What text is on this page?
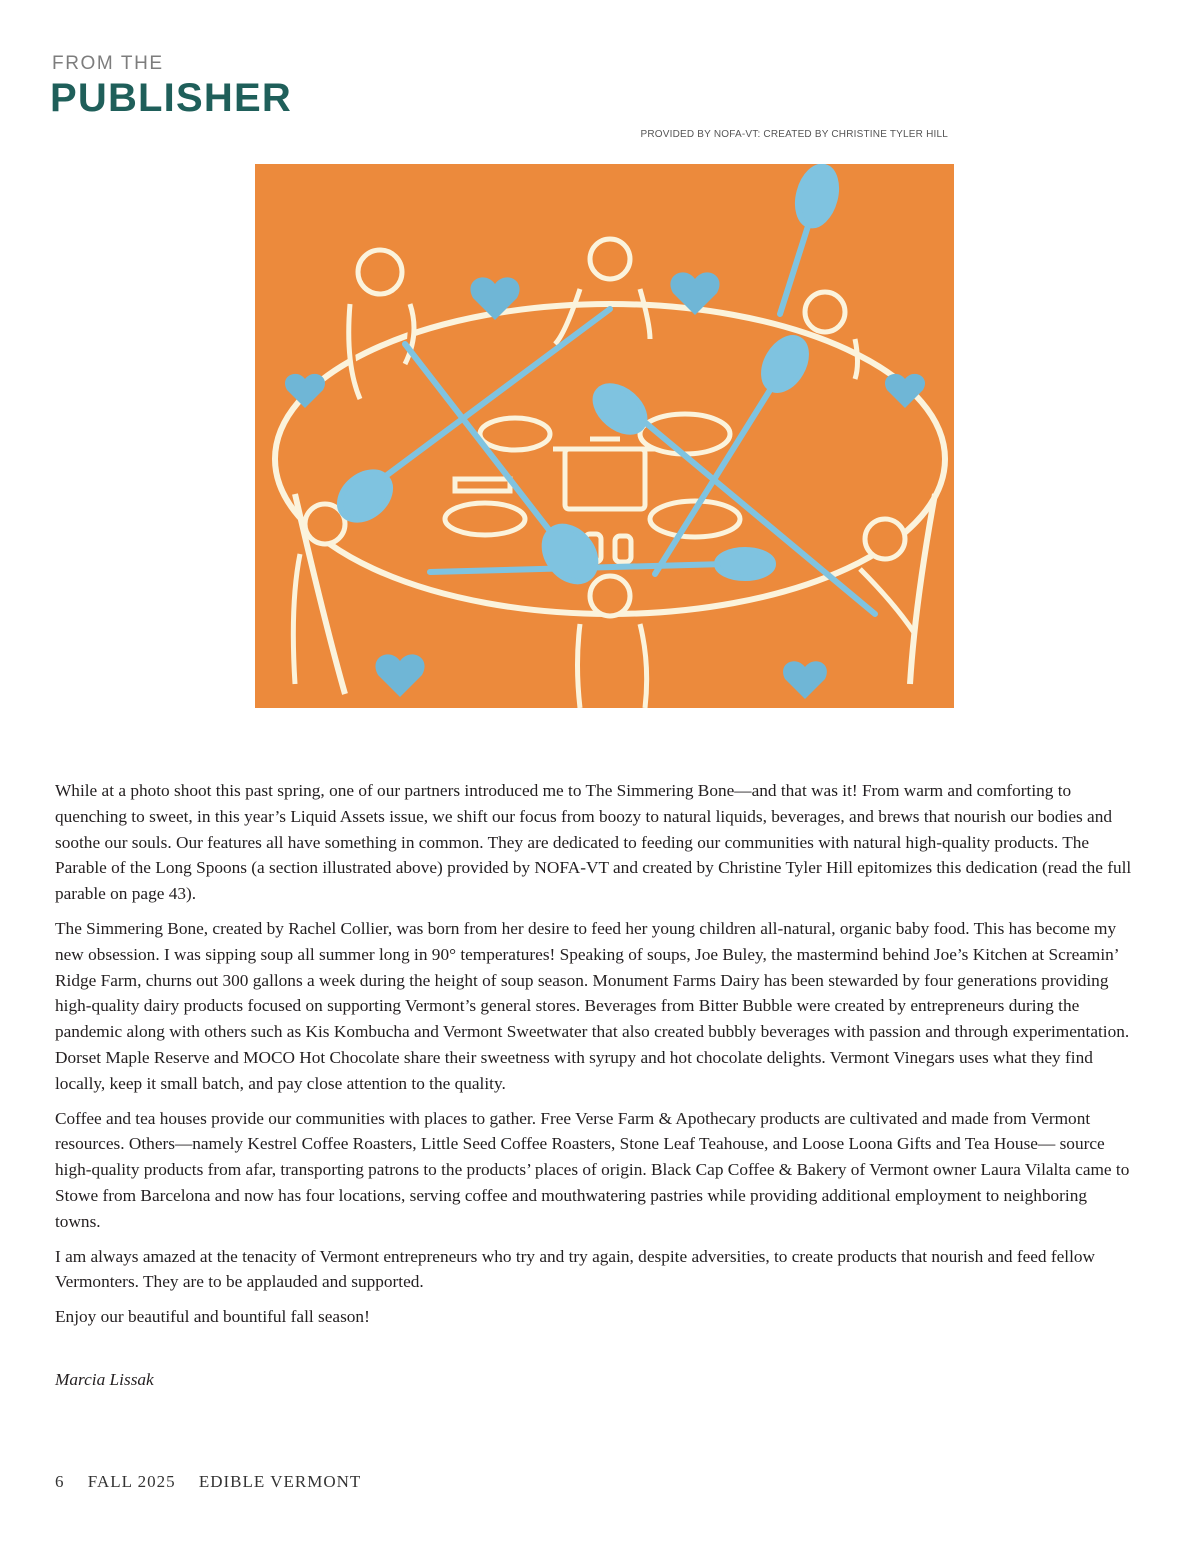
FROM THE
PUBLISHER
PROVIDED BY NOFA-VT: CREATED BY CHRISTINE TYLER HILL

While at a photo shoot this past spring, one of our partners introduced me to The Simmering Bone—and that was it! From warm and comforting to quenching to sweet, in this year’s Liquid Assets issue, we shift our focus from boozy to natural liquids, beverages, and brews that nourish our bodies and soothe our souls. Our features all have something in common. They are dedicated to feeding our communities with natural high-quality products. The Parable of the Long Spoons (a section illustrated above) provided by NOFA-VT and created by Christine Tyler Hill epitomizes this dedication (read the full parable on page 43).

The Simmering Bone, created by Rachel Collier, was born from her desire to feed her young children all-natural, organic baby food. This has become my new obsession. I was sipping soup all summer long in 90° temperatures! Speaking of soups, Joe Buley, the mastermind behind Joe’s Kitchen at Screamin’ Ridge Farm, churns out 300 gallons a week during the height of soup season. Monument Farms Dairy has been stewarded by four generations providing high-quality dairy products focused on supporting Vermont’s general stores. Beverages from Bitter Bubble were created by entrepreneurs during the pandemic along with others such as Kis Kombucha and Vermont Sweetwater that also created bubbly beverages with passion and through experimentation. Dorset Maple Reserve and MOCO Hot Chocolate share their sweetness with syrupy and hot chocolate delights. Vermont Vinegars uses what they find locally, keep it small batch, and pay close attention to the quality.

Coffee and tea houses provide our communities with places to gather. Free Verse Farm & Apothecary products are cultivated and made from Vermont resources. Others—namely Kestrel Coffee Roasters, Little Seed Coffee Roasters, Stone Leaf Teahouse, and Loose Loona Gifts and Tea House— source high-quality products from afar, transporting patrons to the products’ places of origin. Black Cap Coffee & Bakery of Vermont owner Laura Vilalta came to Stowe from Barcelona and now has four locations, serving coffee and mouthwatering pastries while providing additional employment to neighboring towns.

I am always amazed at the tenacity of Vermont entrepreneurs who try and try again, despite adversities, to create products that nourish and feed fellow Vermonters. They are to be applauded and supported.

Enjoy our beautiful and bountiful fall season!

Marcia Lissak

6 FALL 2025 EDIBLE VERMONT
